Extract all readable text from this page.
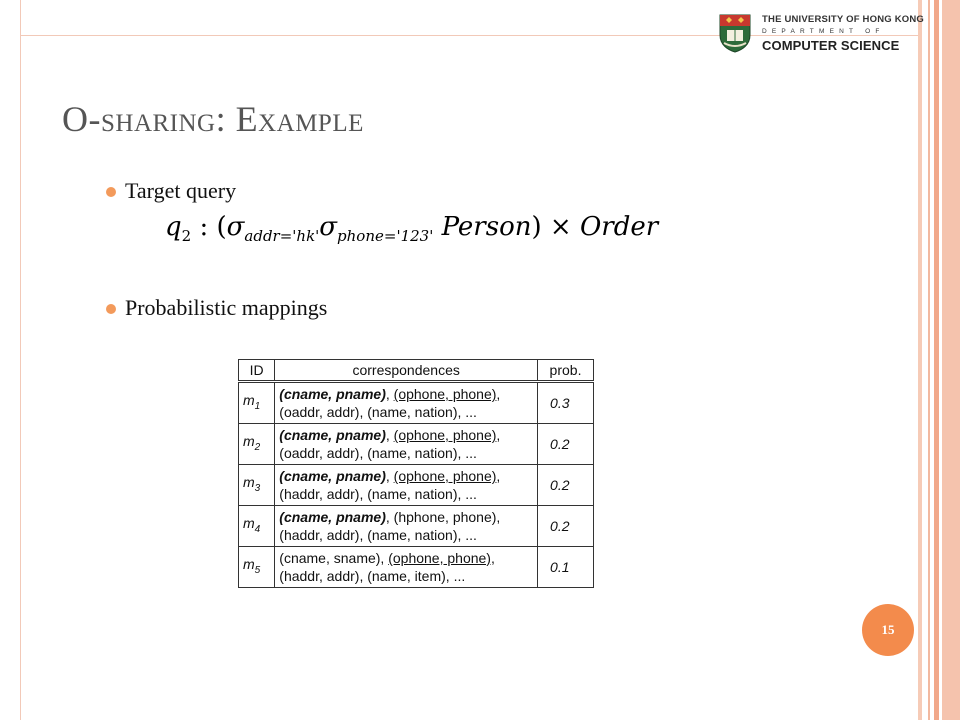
THE UNIVERSITY OF HONG KONG
DEPARTMENT OF
COMPUTER SCIENCE
O-sharing: Example
Target query
$q_2$ : ($\sigma_{addr='hk'}\sigma_{phone='123'}$ Person) × Order
Probabilistic mappings
ID	correspondences	prob.
$m_1$	(cname, pname), (ophone, phone),
(oaddr, addr), (name, nation), ...	0.3
$m_2$	(cname, pname), (ophone, phone),
(oaddr, addr), (name, nation), ...	0.2
$m_3$	(cname, pname), (ophone, phone),
(haddr, addr), (name, nation), ...	0.2
$m_4$	(cname, pname), (hphone, phone),
(haddr, addr), (name, nation), ...	0.2
$m_5$	(cname, sname), (ophone, phone),
(haddr, addr), (name, item), ...	0.1
15
